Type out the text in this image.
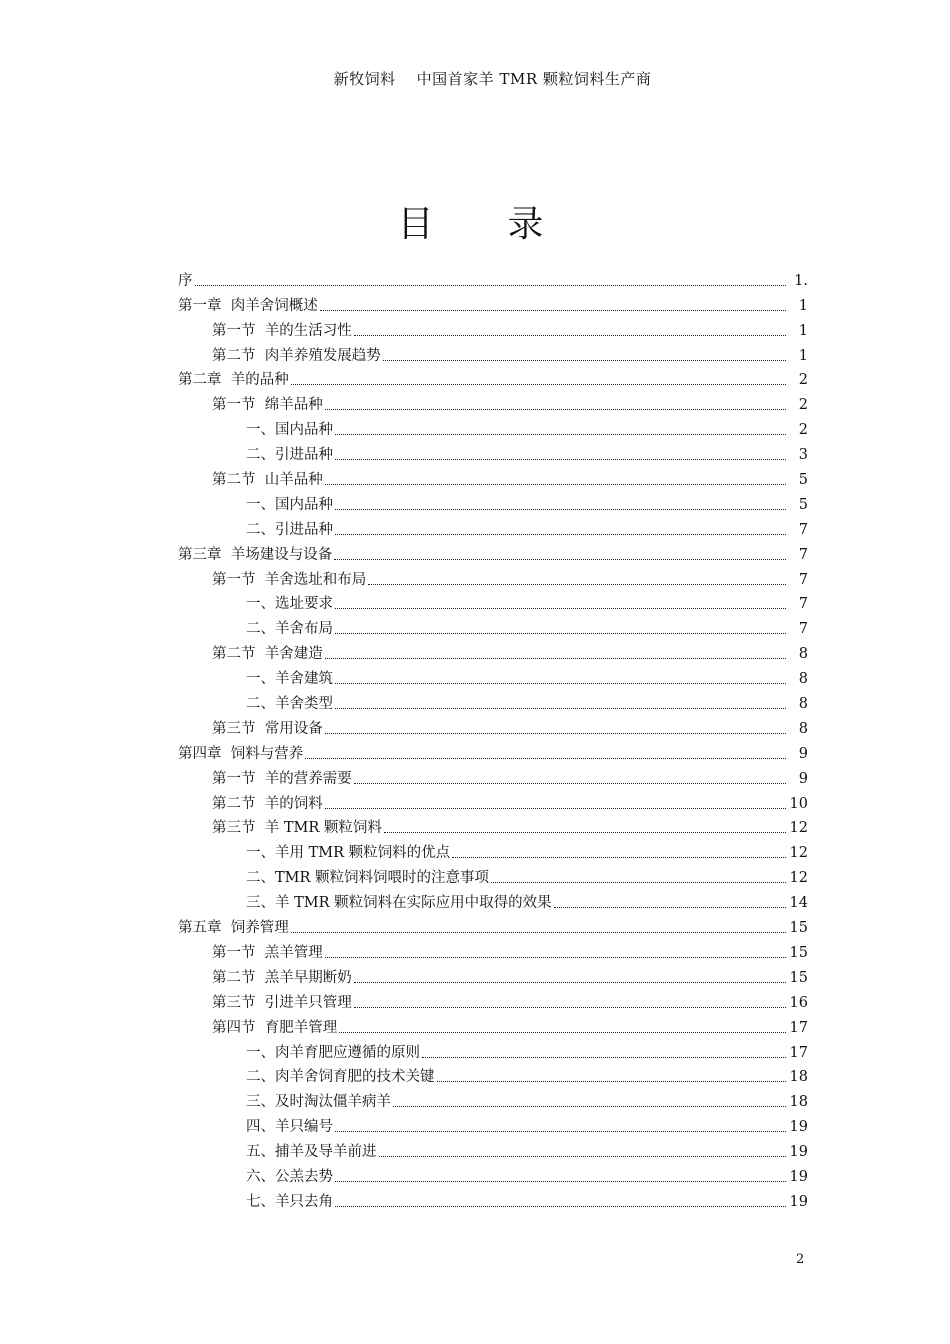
新牧饲料    中国首家羊 TMR 颗粒饲料生产商
目录
序	1.
第一章  肉羊舍饲概述	1
第一节  羊的生活习性	1
第二节  肉羊养殖发展趋势	1
第二章  羊的品种	2
第一节  绵羊品种	2
一、国内品种	2
二、引进品种	3
第二节  山羊品种	5
一、国内品种	5
二、引进品种	7
第三章  羊场建设与设备	7
第一节  羊舍选址和布局	7
一、选址要求	7
二、羊舍布局	7
第二节  羊舍建造	8
一、羊舍建筑	8
二、羊舍类型	8
第三节  常用设备	8
第四章  饲料与营养	9
第一节  羊的营养需要	9
第二节  羊的饲料	10
第三节  羊 TMR 颗粒饲料	12
一、羊用 TMR 颗粒饲料的优点	12
二、TMR 颗粒饲料饲喂时的注意事项	12
三、羊 TMR 颗粒饲料在实际应用中取得的效果	14
第五章  饲养管理	15
第一节  羔羊管理	15
第二节  羔羊早期断奶	15
第三节  引进羊只管理	16
第四节  育肥羊管理	17
一、肉羊育肥应遵循的原则	17
二、肉羊舍饲育肥的技术关键	18
三、及时淘汰僵羊病羊	18
四、羊只编号	19
五、捕羊及导羊前进	19
六、公羔去势	19
七、羊只去角	19
2
